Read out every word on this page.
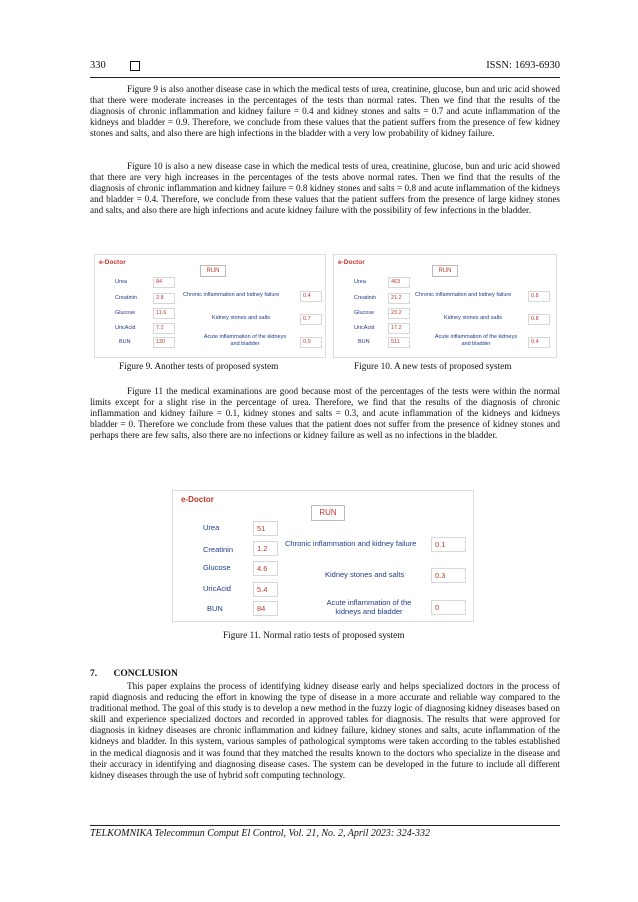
330	ISSN: 1693-6930

Figure 9 is also another disease case in which the medical tests of urea, creatinine, glucose, bun and uric acid showed that there were moderate increases in the percentages of the tests than normal rates. Then we find that the results of the diagnosis of chronic inflammation and kidney failure = 0.4 and kidney stones and salts = 0.7 and acute inflammation of the kidneys and bladder = 0.9. Therefore, we conclude from these values that the patient suffers from the presence of few kidney stones and salts, and also there are high infections in the bladder with a very low probability of kidney failure.

Figure 10 is also a new disease case in which the medical tests of urea, creatinine, glucose, bun and uric acid showed that there are very high increases in the percentages of the tests above normal rates. Then we find that the results of the diagnosis of chronic inflammation and kidney failure = 0.8 kidney stones and salts = 0.8 and acute inflammation of the kidneys and bladder = 0.4. Therefore, we conclude from these values that the patient suffers from the presence of large kidney stones and salts, and also there are high infections and acute kidney failure with the possibility of few infections in the bladder.

e-Doctor
RUN
Urea
Creatinin
Glucose
UricAcid
BUN
84
2.8
11.6
7.2
130
Chronic inflammation and kidney failure
Kidney stones and salts
Acute inflammation of the kidneys and bladder
0.4
0.7
0.9
e-Doctor
RUN
Urea
Creatinin
Glucose
UricAcid
BUN
463
21.2
23.2
17.2
511
Chronic inflammation and kidney failure
Kidney stones and salts
Acute inflammation of the kidneys and bladder
0.8
0.8
0.4
Figure 9. Another tests of proposed system	Figure 10. A new tests of proposed system

Figure 11 the medical examinations are good because most of the percentages of the tests were within the normal limits except for a slight rise in the percentage of urea. Therefore, we find that the results of the diagnosis of chronic inflammation and kidney failure = 0.1, kidney stones and salts = 0.3, and acute inflammation of the kidneys and kidneys bladder = 0. Therefore we conclude from these values that the patient does not suffer from the presence of kidney stones and perhaps there are few salts, also there are no infections or kidney failure as well as no infections in the bladder.

e-Doctor
RUN
Urea
Creatinin
Glucose
UricAcid
BUN
51
1.2
4.6
5.4
84
Chronic inflammation and kidney failure
Kidney stones and salts
Acute inflammation of the kidneys and bladder
0.1
0.3
0
Figure 11. Normal ratio tests of proposed system
7. CONCLUSION

This paper explains the process of identifying kidney disease early and helps specialized doctors in the process of rapid diagnosis and reducing the effort in knowing the type of disease in a more accurate and reliable way compared to the traditional method. The goal of this study is to develop a new method in the fuzzy logic of diagnosing kidney diseases based on skill and experience specialized doctors and recorded in approved tables for diagnosis. The results that were approved for diagnosis in kidney diseases are chronic inflammation and kidney failure, kidney stones and salts, acute inflammation of the kidneys and bladder. In this system, various samples of pathological symptoms were taken according to the tables established in the medical diagnosis and it was found that they matched the results known to the doctors who specialize in the disease and their accuracy in identifying and diagnosing disease cases. The system can be developed in the future to include all different kidney diseases through the use of hybrid soft computing technology.

TELKOMNIKA Telecommun Comput El Control, Vol. 21, No. 2, April 2023: 324-332
